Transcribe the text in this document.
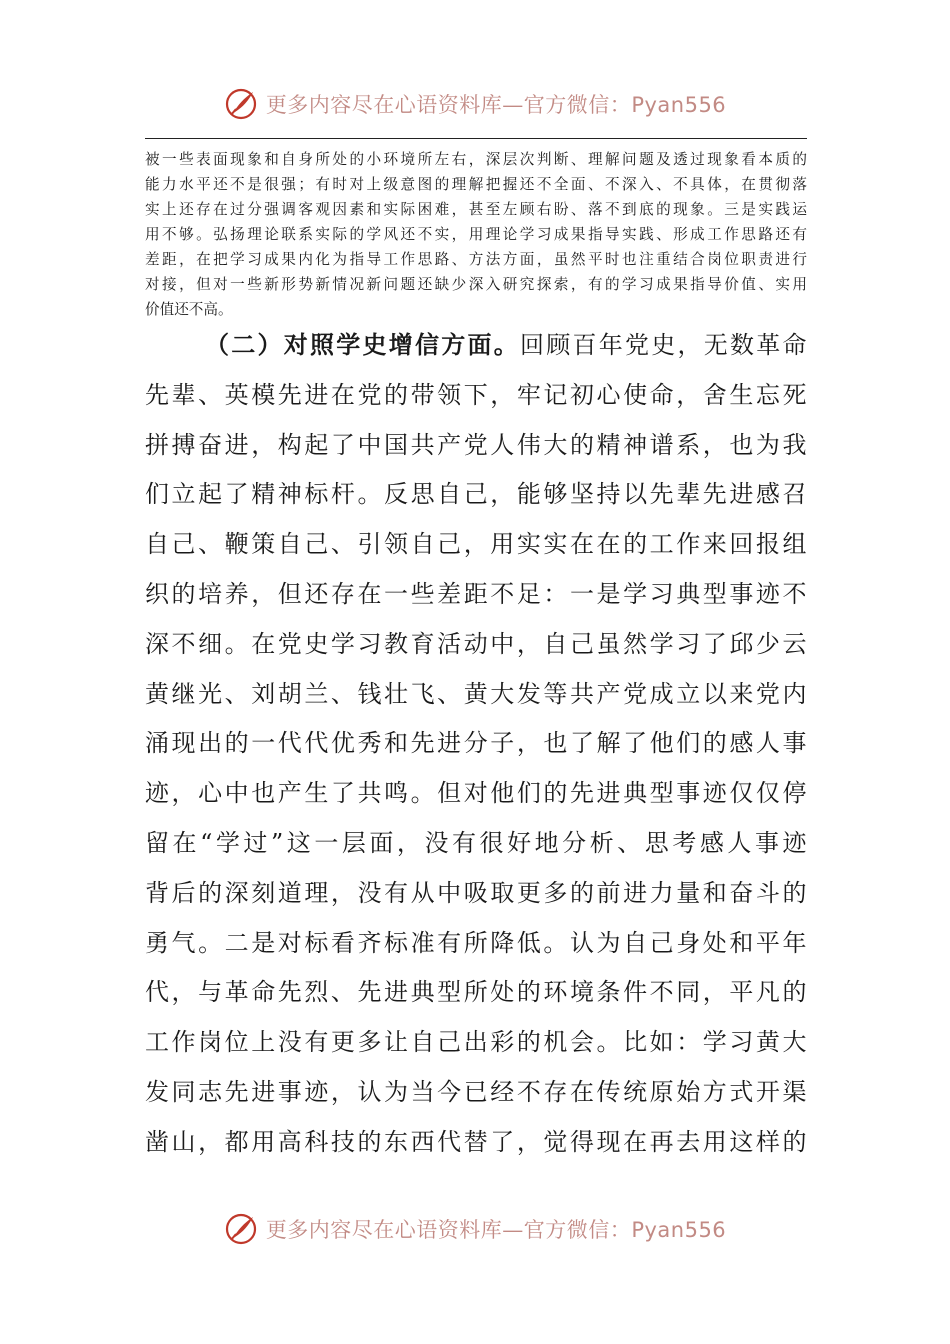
更多内容尽在心语资料库—官方微信：Pyan556
被一些表面现象和自身所处的小环境所左右，深层次判断、理解问题及透过现象看本质的
能力水平还不是很强；有时对上级意图的理解把握还不全面、不深入、不具体，在贯彻落
实上还存在过分强调客观因素和实际困难，甚至左顾右盼、落不到底的现象。三是实践运
用不够。弘扬理论联系实际的学风还不实，用理论学习成果指导实践、形成工作思路还有
差距，在把学习成果内化为指导工作思路、方法方面，虽然平时也注重结合岗位职责进行
对接，但对一些新形势新情况新问题还缺少深入研究探索，有的学习成果指导价值、实用
价值还不高。
（二）对照学史增信方面。回顾百年党史，无数革命
先辈、英模先进在党的带领下，牢记初心使命，舍生忘死
拼搏奋进，构起了中国共产党人伟大的精神谱系，也为我
们立起了精神标杆。反思自己，能够坚持以先辈先进感召
自己、鞭策自己、引领自己，用实实在在的工作来回报组
织的培养，但还存在一些差距不足：一是学习典型事迹不
深不细。在党史学习教育活动中，自己虽然学习了邱少云
黄继光、刘胡兰、钱壮飞、黄大发等共产党成立以来党内
涌现出的一代代优秀和先进分子，也了解了他们的感人事
迹，心中也产生了共鸣。但对他们的先进典型事迹仅仅停
留在“学过”这一层面，没有很好地分析、思考感人事迹
背后的深刻道理，没有从中吸取更多的前进力量和奋斗的
勇气。二是对标看齐标准有所降低。认为自己身处和平年
代，与革命先烈、先进典型所处的环境条件不同，平凡的
工作岗位上没有更多让自己出彩的机会。比如：学习黄大
发同志先进事迹，认为当今已经不存在传统原始方式开渠
凿山，都用高科技的东西代替了，觉得现在再去用这样的
更多内容尽在心语资料库—官方微信：Pyan556
